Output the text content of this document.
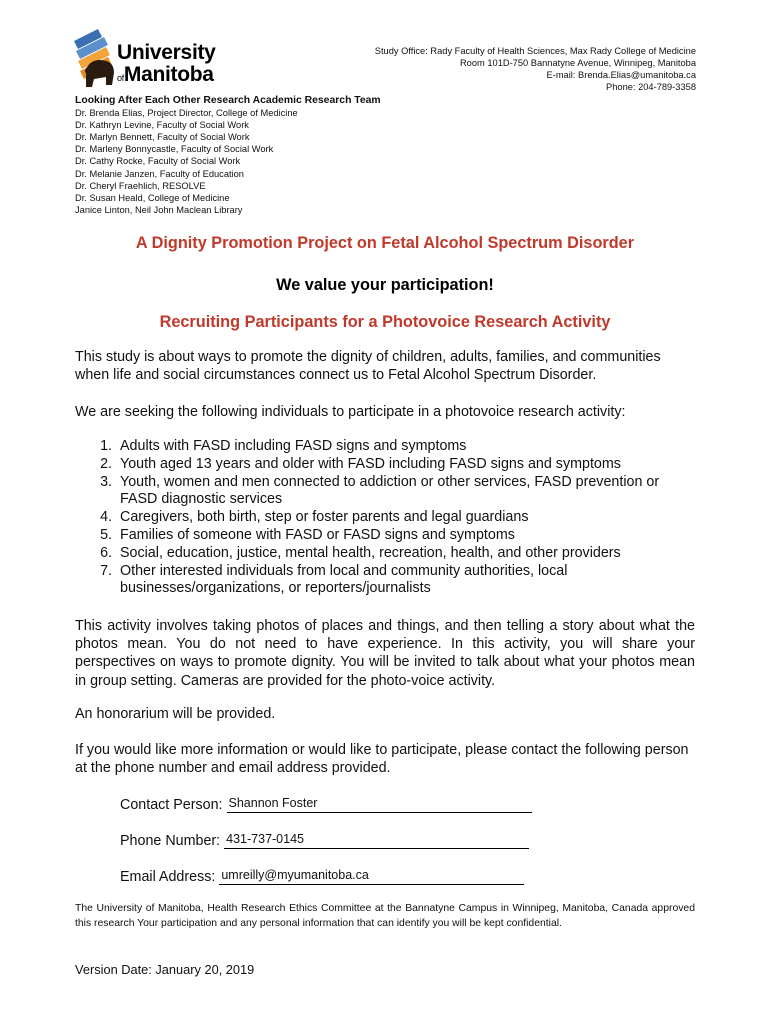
University
ofManitoba
Study Office: Rady Faculty of Health Sciences, Max Rady College of Medicine
Room 101D-750 Bannatyne Avenue, Winnipeg, Manitoba
E-mail: Brenda.Elias@umanitoba.ca
Phone: 204-789-3358
Looking After Each Other Research Academic Research Team
Dr. Brenda Elias, Project Director, College of Medicine
Dr. Kathryn Levine, Faculty of Social Work
Dr. Marlyn Bennett, Faculty of Social Work
Dr. Marleny Bonnycastle, Faculty of Social Work
Dr. Cathy Rocke, Faculty of Social Work
Dr. Melanie Janzen, Faculty of Education
Dr. Cheryl Fraehlich, RESOLVE
Dr. Susan Heald, College of Medicine
Janice Linton, Neil John Maclean Library
A Dignity Promotion Project on Fetal Alcohol Spectrum Disorder
We value your participation!
Recruiting Participants for a Photovoice Research Activity
This study is about ways to promote the dignity of children, adults, families, and communities when life and social circumstances connect us to Fetal Alcohol Spectrum Disorder.
We are seeking the following individuals to participate in a photovoice research activity:
1. Adults with FASD including FASD signs and symptoms
2. Youth aged 13 years and older with FASD including FASD signs and symptoms
3. Youth, women and men connected to addiction or other services, FASD prevention or FASD diagnostic services
4. Caregivers, both birth, step or foster parents and legal guardians
5. Families of someone with FASD or FASD signs and symptoms
6. Social, education, justice, mental health, recreation, health, and other providers
7. Other interested individuals from local and community authorities, local businesses/organizations, or reporters/journalists
This activity involves taking photos of places and things, and then telling a story about what the photos mean. You do not need to have experience. In this activity, you will share your perspectives on ways to promote dignity. You will be invited to talk about what your photos mean in group setting. Cameras are provided for the photo-voice activity.
An honorarium will be provided.
If you would like more information or would like to participate, please contact the following person at the phone number and email address provided.
Contact Person: Shannon Foster
Phone Number: 431-737-0145
Email Address: umreilly@myumanitoba.ca
The University of Manitoba, Health Research Ethics Committee at the Bannatyne Campus in Winnipeg, Manitoba, Canada approved this research Your participation and any personal information that can identify you will be kept confidential.
Version Date: January 20, 2019
